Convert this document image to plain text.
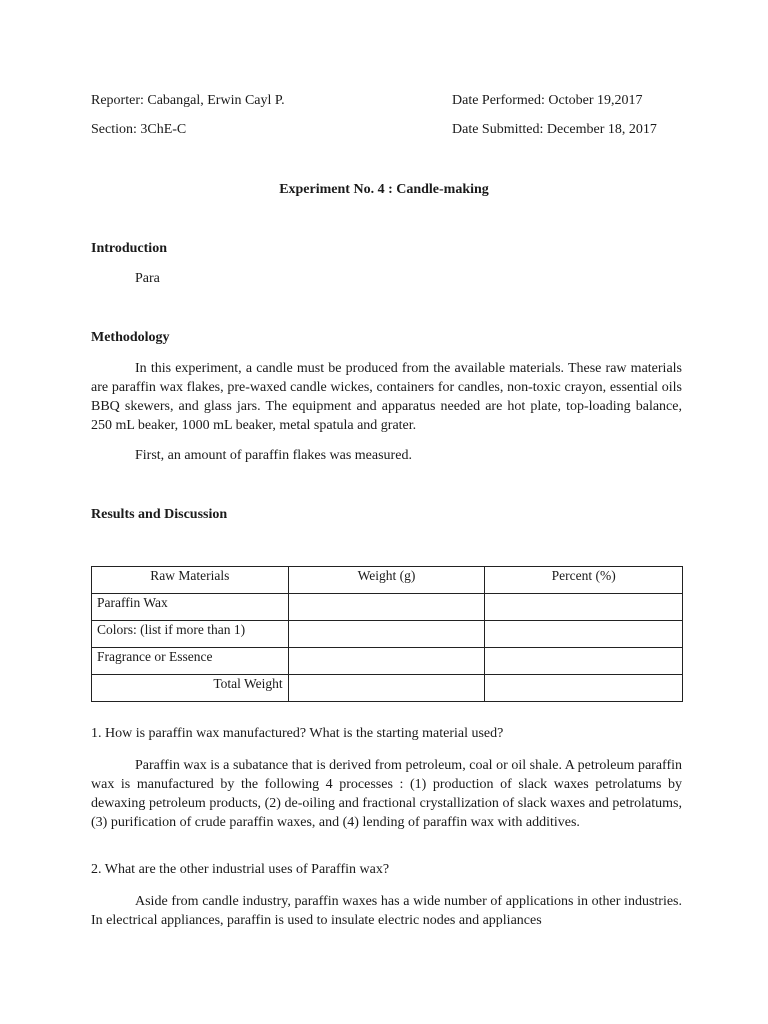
Reporter: Cabangal, Erwin Cayl P.	Date Performed: October 19,2017
Section: 3ChE-C	Date Submitted: December 18, 2017
Experiment No. 4 : Candle-making
Introduction
Para
Methodology
In this experiment, a candle must be produced from the available materials. These raw materials are paraffin wax flakes, pre-waxed candle wickes, containers for candles, non-toxic crayon, essential oils BBQ skewers, and glass jars. The equipment and apparatus needed are hot plate, top-loading balance, 250 mL beaker, 1000 mL beaker, metal spatula and grater.
First, an amount of paraffin flakes was measured.
Results and Discussion
Raw Materials	Weight (g)	Percent (%)
Paraffin Wax		
Colors: (list if more than 1)		
Fragrance or Essence		
Total Weight		
1. How is paraffin wax manufactured? What is the starting material used?
Paraffin wax is a subatance that is derived from petroleum, coal or oil shale. A petroleum paraffin wax is manufactured by the following 4 processes : (1) production of slack waxes petrolatums by dewaxing petroleum products, (2) de-oiling and fractional crystallization of slack waxes and petrolatums, (3) purification of crude paraffin waxes, and (4) lending of paraffin wax with additives.
2. What are the other industrial uses of Paraffin wax?
Aside from candle industry, paraffin waxes has a wide number of applications in other industries. In electrical appliances, paraffin is used to insulate electric nodes and appliances
